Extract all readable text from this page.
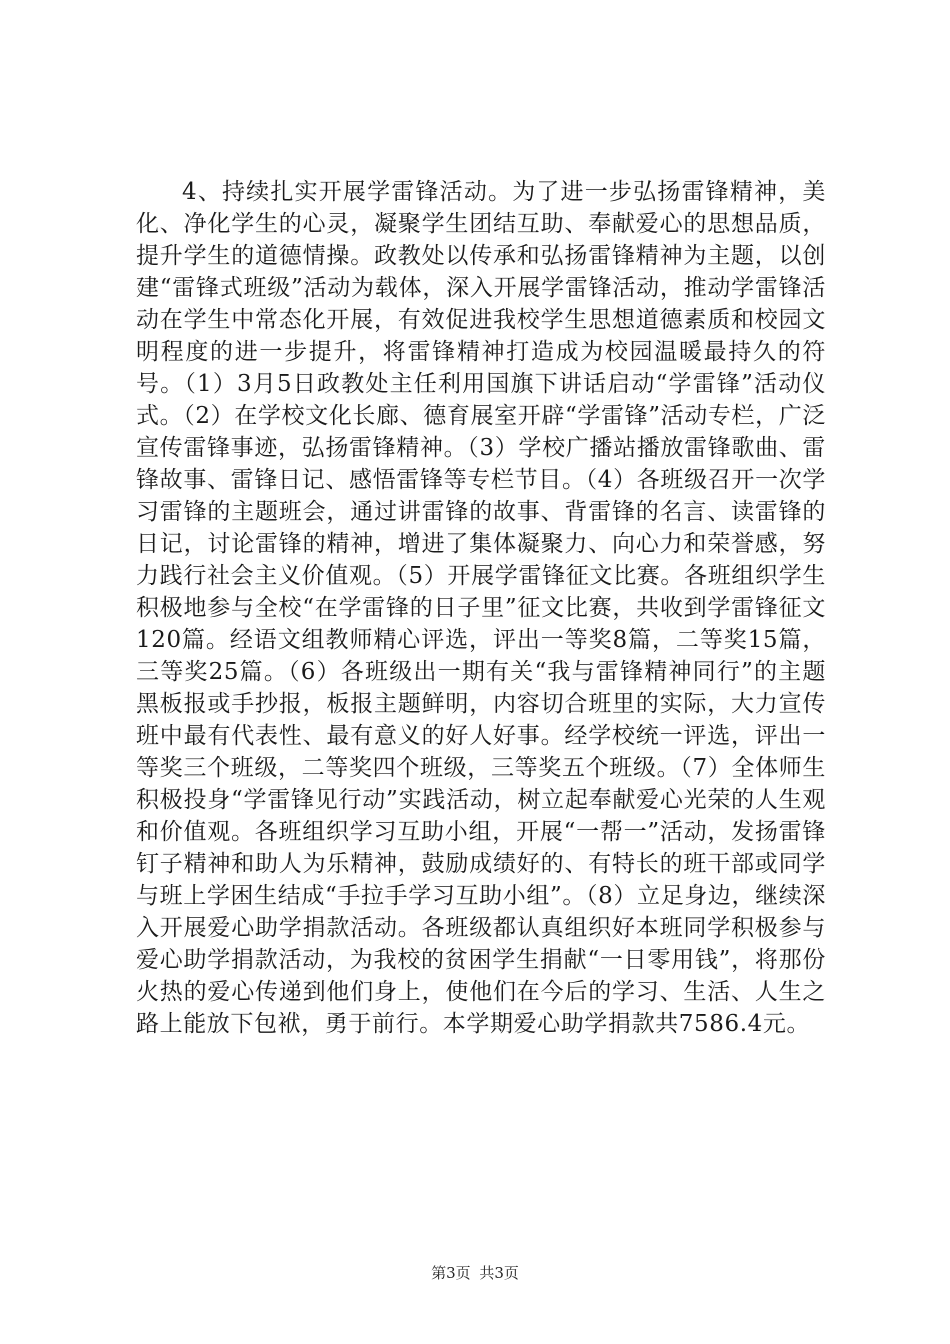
4、持续扎实开展学雷锋活动。为了进一步弘扬雷锋精神，美化、净化学生的心灵，凝聚学生团结互助、奉献爱心的思想品质，提升学生的道德情操。政教处以传承和弘扬雷锋精神为主题，以创建“雷锋式班级”活动为载体，深入开展学雷锋活动，推动学雷锋活动在学生中常态化开展，有效促进我校学生思想道德素质和校园文明程度的进一步提升，将雷锋精神打造成为校园温暖最持久的符号。（1）3月5日政教处主任利用国旗下讲话启动“学雷锋”活动仪式。（2）在学校文化长廊、德育展室开辟“学雷锋”活动专栏，广泛宣传雷锋事迹，弘扬雷锋精神。（3）学校广播站播放雷锋歌曲、雷锋故事、雷锋日记、感悟雷锋等专栏节目。（4）各班级召开一次学习雷锋的主题班会，通过讲雷锋的故事、背雷锋的名言、读雷锋的日记，讨论雷锋的精神，增进了集体凝聚力、向心力和荣誉感，努力践行社会主义价值观。（5）开展学雷锋征文比赛。各班组织学生积极地参与全校“在学雷锋的日子里”征文比赛，共收到学雷锋征文120篇。经语文组教师精心评选，评出一等奖8篇，二等奖15篇，三等奖25篇。（6）各班级出一期有关“我与雷锋精神同行”的主题黑板报或手抄报，板报主题鲜明，内容切合班里的实际，大力宣传班中最有代表性、最有意义的好人好事。经学校统一评选，评出一等奖三个班级，二等奖四个班级，三等奖五个班级。（7）全体师生积极投身“学雷锋见行动”实践活动，树立起奉献爱心光荣的人生观和价值观。各班组织学习互助小组，开展“一帮一”活动，发扬雷锋钉子精神和助人为乐精神，鼓励成绩好的、有特长的班干部或同学与班上学困生结成“手拉手学习互助小组”。（8）立足身边，继续深入开展爱心助学捐款活动。各班级都认真组织好本班同学积极参与爱心助学捐款活动，为我校的贫困学生捐献“一日零用钱”，将那份火热的爱心传递到他们身上，使他们在今后的学习、生活、人生之路上能放下包袱，勇于前行。本学期爱心助学捐款共7586.4元。

第3页 共3页
